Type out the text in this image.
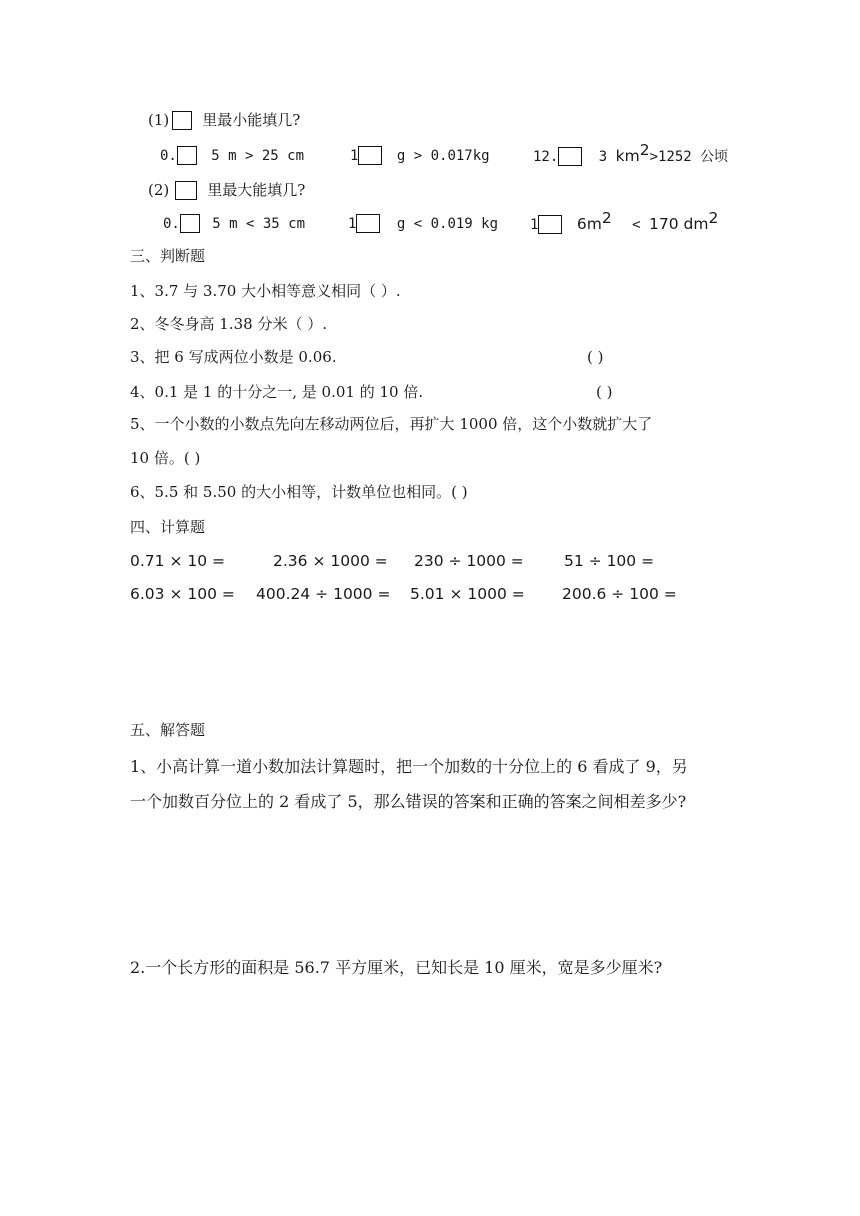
(1) 里最小能填几?
0. 5 m > 25 cm	1	g > 0.017kg	12.	3 $km^2>1252$ 公顷
(2)	里最大能填几?
0. 5 m < 35 cm	1	g < 0.019 kg 1 $6m^2 < 170$ $dm^2$
三、判断题
1、3.7 与 3.70 大小相等意义相同（ ）.
2、冬冬身高 1.38 分米（ ）.
3、把 6 写成两位小数是 0.06.	( )
4、0.1 是 1 的十分之一, 是 0.01 的 10 倍.	( )
5、一个小数的小数点先向左移动两位后，再扩大 1000 倍，这个小数就扩大了
10 倍。( )
6、5.5 和 5.50 的大小相等，计数单位也相同。( )
四、计算题
0.71 × 10 =	2.36 × 1000 = 230 ÷ 1000 =	51 ÷ 100 =
6.03 × 100 = 400.24 ÷ 1000 = 5.01 × 1000 = 200.6 ÷ 100 =
五、解答题
1、小高计算一道小数加法计算题时，把一个加数的十分位上的 6 看成了 9，另
一个加数百分位上的 2 看成了 5，那么错误的答案和正确的答案之间相差多少?
2.一个长方形的面积是 56.7 平方厘米，已知长是 10 厘米，宽是多少厘米?
